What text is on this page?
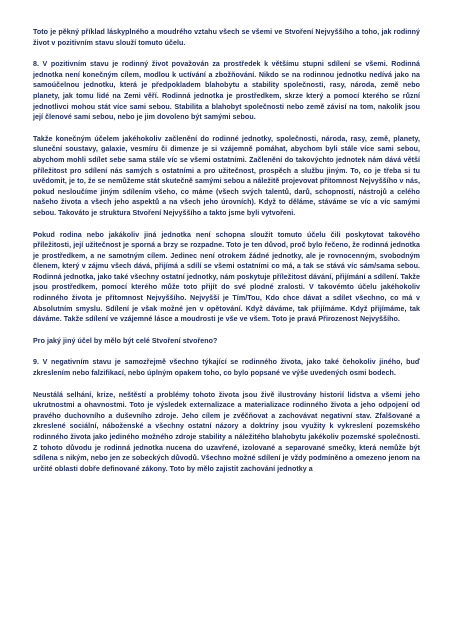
Toto je pěkný příklad láskyplného a moudrého vztahu všech se všemi ve Stvoření Nejvyššího a toho, jak rodinný život v pozitivním stavu slouží tomuto účelu.

8. V pozitivním stavu je rodinný život považován za prostředek k většímu stupni sdílení se všemi. Rodinná jednotka není konečným cílem, modlou k uctívání a zbožňování. Nikdo se na rodinnou jednotku nedívá jako na samoúčelnou jednotku, která je předpokladem blahobytu a stability společnosti, rasy, národa, země nebo planety, jak tomu lidé na Zemi věří. Rodinná jednotka je prostředkem, skrze který a pomocí kterého se různí jednotlivci mohou stát více sami sebou. Stabilita a blahobyt společnosti nebo země závisí na tom, nakolik jsou její členové sami sebou, nebo je jim dovoleno být samými sebou.

Takže konečným účelem jakéhokoliv začlenění do rodinné jednotky, společnosti, národa, rasy, země, planety, sluneční soustavy, galaxie, vesmíru či dimenze je si vzájemně pomáhat, abychom byli stále více sami sebou, abychom mohli sdílet sebe sama stále víc se všemi ostatními. Začlenění do takovýchto jednotek nám dává větší příležitost pro sdílení nás samých s ostatními a pro užitečnost, prospěch a službu jiným. To, co je třeba si tu uvědomit, je to, že se nemůžeme stát skutečně samými sebou a náležitě projevovat přítomnost Nejvyššího v nás, pokud nesloučíme jiným sdílením všeho, co máme (všech svých talentů, darů, schopností, nástrojů a celého našeho života a všech jeho aspektů a na všech jeho úrovních). Když to děláme, stáváme se víc a víc samými sebou. Takováto je struktura Stvoření Nejvyššího a takto jsme byli vytvořeni.

Pokud rodina nebo jakákoliv jiná jednotka není schopna sloužit tomuto účelu čili poskytovat takového příležitosti, její užitečnost je sporná a brzy se rozpadne. Toto je ten důvod, proč bylo řečeno, že rodinná jednotka je prostředkem, a ne samotným cílem. Jedinec není otrokem žádné jednotky, ale je rovnocenným, svobodným členem, který v zájmu všech dává, přijímá a sdílí se všemi ostatními co má, a tak se stává víc sám/sama sebou. Rodinná jednotka, jako také všechny ostatní jednotky, nám poskytuje příležitost dávání, přijímání a sdílení. Takže jsou prostředkem, pomocí kterého může toto přijít do své plodné zralosti. V takovémto účelu jakéhokoliv rodinného života je přítomnost Nejvyššího. Nejvyšší je Tím/Tou, Kdo chce dávat a sdílet všechno, co má v Absolutním smyslu. Sdílení je však možné jen v opětování. Když dáváme, tak přijímáme. Když přijímáme, tak dáváme. Takže sdílení ve vzájemné lásce a moudrosti je vše ve všem. Toto je pravá Přirozenost Nejvyššího.

Pro jaký jiný účel by mělo být celé Stvoření stvořeno?

9. V negativním stavu je samozřejmě všechno týkající se rodinného života, jako také čehokoliv jiného, buď zkreslením nebo falzifikací, nebo úplným opakem toho, co bylo popsané ve výše uvedených osmi bodech.

Neustálá selhání, krize, neštěstí a problémy tohoto života jsou živě ilustrovány historií lidstva a všemi jeho ukrutnostmi a ohavnostmi. Toto je výsledek externalizace a materializace rodinného života a jeho odpojení od pravého duchovního a duševního zdroje. Jeho cílem je zvěčňovat a zachovávat negativní stav. Zfalšované a zkreslené sociální, náboženské a všechny ostatní názory a doktríny jsou využity k vykreslení pozemského rodinného života jako jediného možného zdroje stability a náležitého blahobytu jakékoliv pozemské společnosti. Z tohoto důvodu je rodinná jednotka nucena do uzavřené, izolované a separované smečky, která nemůže být sdílena s nikým, nebo jen ze sobeckých důvodů. Všechno možné sdílení je vždy podmíněno a omezeno jenom na určité oblasti dobře definované zákony. Toto by mělo zajistit zachování jednotky a
